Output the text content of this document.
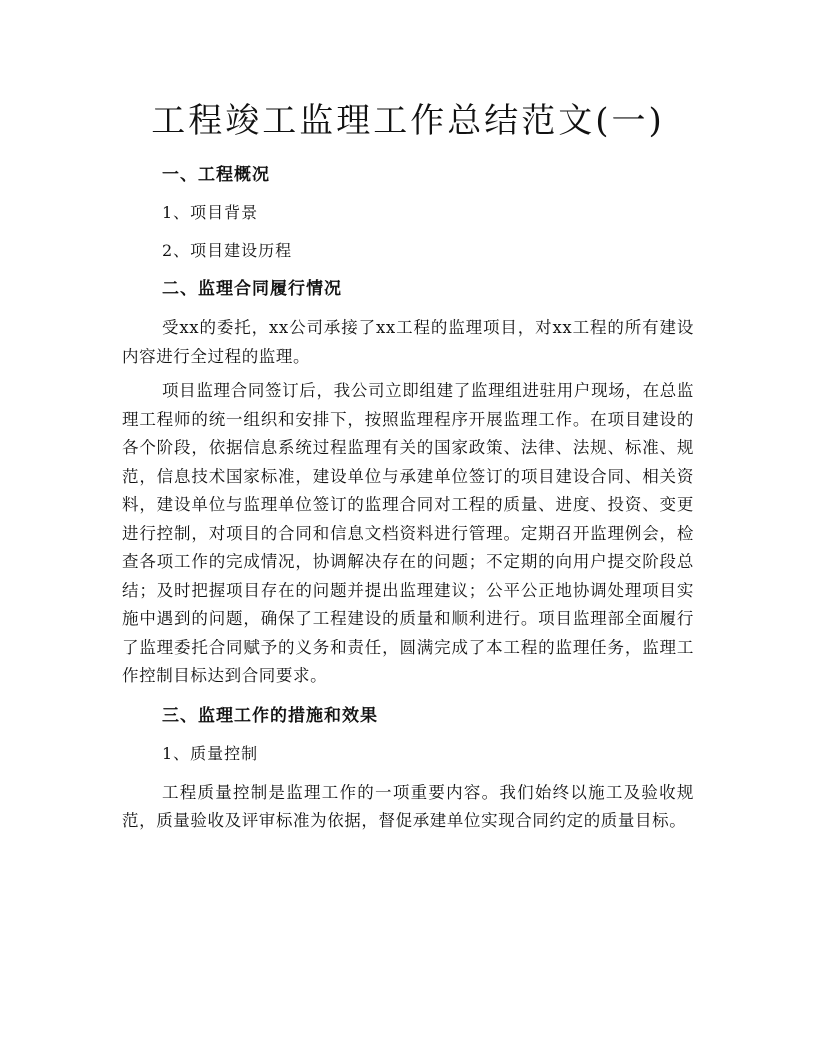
工程竣工监理工作总结范文(一)
一、工程概况
1、项目背景
2、项目建设历程
二、监理合同履行情况

受xx的委托，xx公司承接了xx工程的监理项目，对xx工程的所有建设内容进行全过程的监理。

项目监理合同签订后，我公司立即组建了监理组进驻用户现场，在总监理工程师的统一组织和安排下，按照监理程序开展监理工作。在项目建设的各个阶段，依据信息系统过程监理有关的国家政策、法律、法规、标准、规范，信息技术国家标准，建设单位与承建单位签订的项目建设合同、相关资料，建设单位与监理单位签订的监理合同对工程的质量、进度、投资、变更进行控制，对项目的合同和信息文档资料进行管理。定期召开监理例会，检查各项工作的完成情况，协调解决存在的问题；不定期的向用户提交阶段总结；及时把握项目存在的问题并提出监理建议；公平公正地协调处理项目实施中遇到的问题，确保了工程建设的质量和顺利进行。项目监理部全面履行了监理委托合同赋予的义务和责任，圆满完成了本工程的监理任务，监理工作控制目标达到合同要求。

三、监理工作的措施和效果
1、质量控制

工程质量控制是监理工作的一项重要内容。我们始终以施工及验收规范，质量验收及评审标准为依据，督促承建单位实现合同约定的质量目标。
